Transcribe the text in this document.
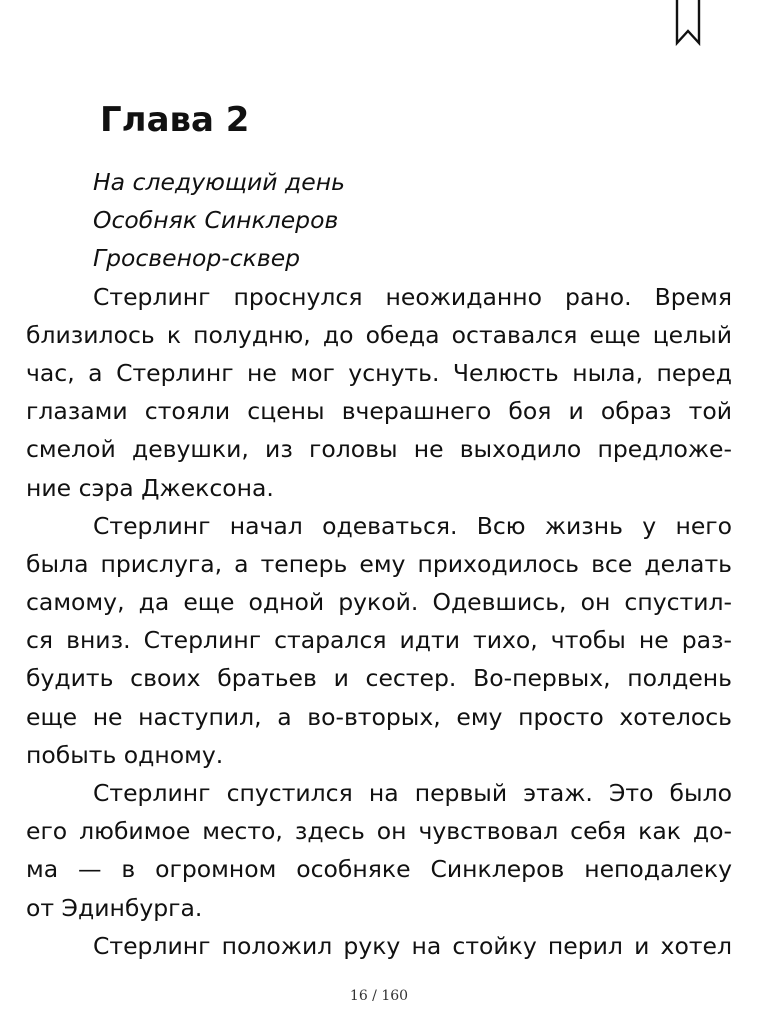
Глава 2
На следующий день
Особняк Синклеров
Гросвенор-сквер
Стерлинг проснулся неожиданно рано. Время
близилось к полудню, до обеда оставался еще целый
час, а Стерлинг не мог уснуть. Челюсть ныла, перед
глазами стояли сцены вчерашнего боя и образ той
смелой девушки, из головы не выходило предложе-
ние сэра Джексона.
Стерлинг начал одеваться. Всю жизнь у него
была прислуга, а теперь ему приходилось все делать
самому, да еще одной рукой. Одевшись, он спустил-
ся вниз. Стерлинг старался идти тихо, чтобы не раз-
будить своих братьев и сестер. Во-первых, полдень
еще не наступил, а во-вторых, ему просто хотелось
побыть одному.
Стерлинг спустился на первый этаж. Это было
его любимое место, здесь он чувствовал себя как до-
ма — в огромном особняке Синклеров неподалеку
от Эдинбурга.
Стерлинг положил руку на стойку перил и хотел
16 / 160
